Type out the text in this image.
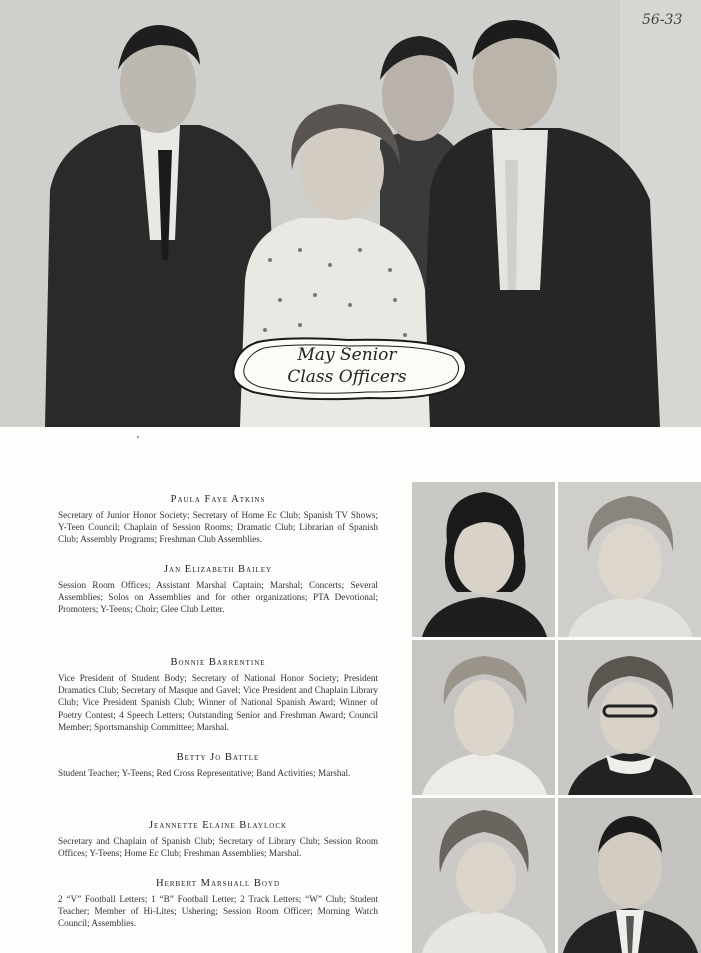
56-33
May Senior
Class Officers
Paula Faye Atkins
Secretary of Junior Honor Society; Secretary of Home Ec Club; Spanish TV Shows; Y-Teen Council; Chaplain of Session Rooms; Dramatic Club; Librarian of Spanish Club; Assembly Programs; Freshman Club Assemblies.
Jan Elizabeth Bailey
Session Room Offices; Assistant Marshal Captain; Marshal; Concerts; Several Assemblies; Solos on Assemblies and for other organizations; PTA Devotional; Promoters; Y-Teens; Choir; Glee Club Letter.
Bonnie Barrentine
Vice President of Student Body; Secretary of National Honor Society; President Dramatics Club; Secretary of Masque and Gavel; Vice President and Chaplain Library Club; Vice President Spanish Club; Winner of National Spanish Award; Winner of Poetry Contest; 4 Speech Letters; Outstanding Senior and Freshman Award; Council Member; Sportsmanship Committee; Marshal.
Betty Jo Battle
Student Teacher; Y-Teens; Red Cross Representative; Band Activities; Marshal.
Jeannette Elaine Blaylock
Secretary and Chaplain of Spanish Club; Secretary of Library Club; Session Room Offices; Y-Teens; Home Ec Club; Freshman Assemblies; Marshal.
Herbert Marshall Boyd
2 “V” Football Letters; 1 “B” Football Letter; 2 Track Letters; “W” Club; Student Teacher; Member of Hi-Lites; Ushering; Session Room Officer; Morning Watch Council; Assemblies.
